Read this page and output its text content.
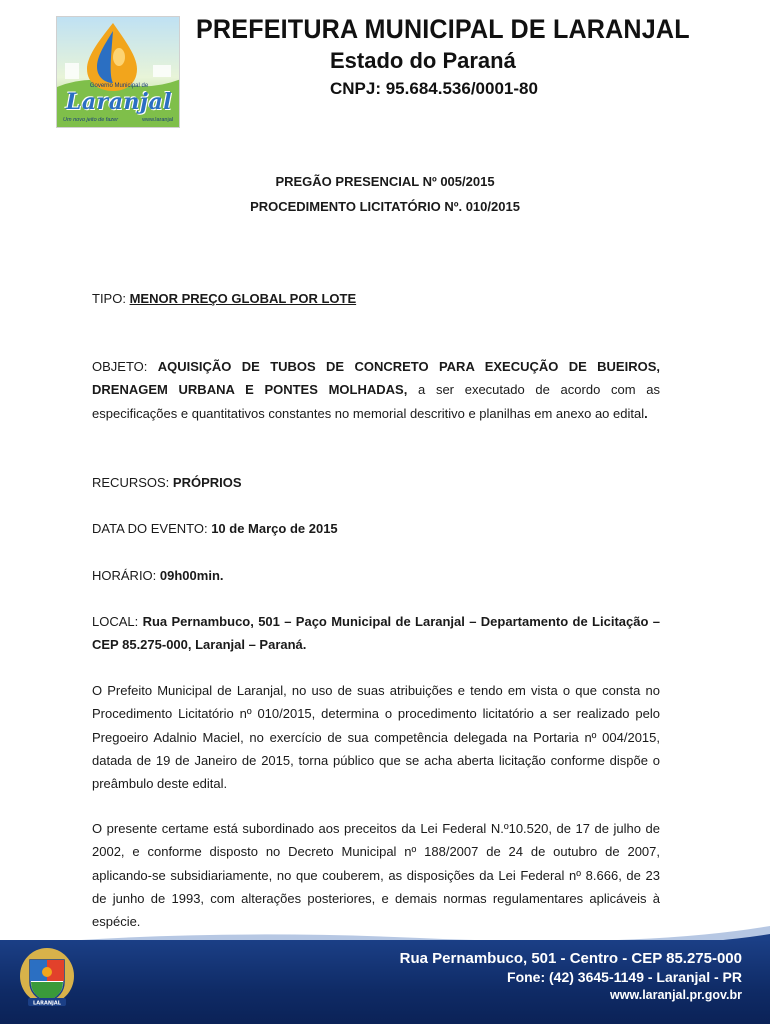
Governo Municipal de
Laranjal
Um novo jeito de fazer	www.laranjal
PREFEITURA MUNICIPAL DE LARANJAL
Estado do Paraná
CNPJ: 95.684.536/0001-80
PREGÃO PRESENCIAL Nº 005/2015
PROCEDIMENTO LICITATÓRIO Nº. 010/2015
TIPO: MENOR PREÇO GLOBAL POR LOTE
OBJETO: AQUISIÇÃO DE TUBOS DE CONCRETO PARA EXECUÇÃO DE BUEIROS, DRENAGEM URBANA E PONTES MOLHADAS, a ser executado de acordo com as especificações e quantitativos constantes no memorial descritivo e planilhas em anexo ao edital.
RECURSOS: PRÓPRIOS
DATA DO EVENTO: 10 de Março de 2015
HORÁRIO: 09h00min.
LOCAL: Rua Pernambuco, 501 – Paço Municipal de Laranjal – Departamento de Licitação – CEP 85.275-000, Laranjal – Paraná.
O Prefeito Municipal de Laranjal, no uso de suas atribuições e tendo em vista o que consta no Procedimento Licitatório nº 010/2015, determina o procedimento licitatório a ser realizado pelo Pregoeiro Adalnio Maciel, no exercício de sua competência delegada na Portaria nº 004/2015, datada de 19 de Janeiro de 2015, torna público que se acha aberta licitação conforme dispõe o preâmbulo deste edital.
O presente certame está subordinado aos preceitos da Lei Federal N.º10.520, de 17 de julho de 2002, e conforme disposto no Decreto Municipal nº 188/2007 de 24 de outubro de 2007, aplicando-se subsidiariamente, no que couberem, as disposições da Lei Federal nº 8.666, de 23 de junho de 1993, com alterações posteriores, e demais normas regulamentares aplicáveis à espécie.
LARANJAL
Rua Pernambuco, 501 - Centro - CEP 85.275-000
Fone: (42) 3645-1149 - Laranjal - PR
www.laranjal.pr.gov.br
